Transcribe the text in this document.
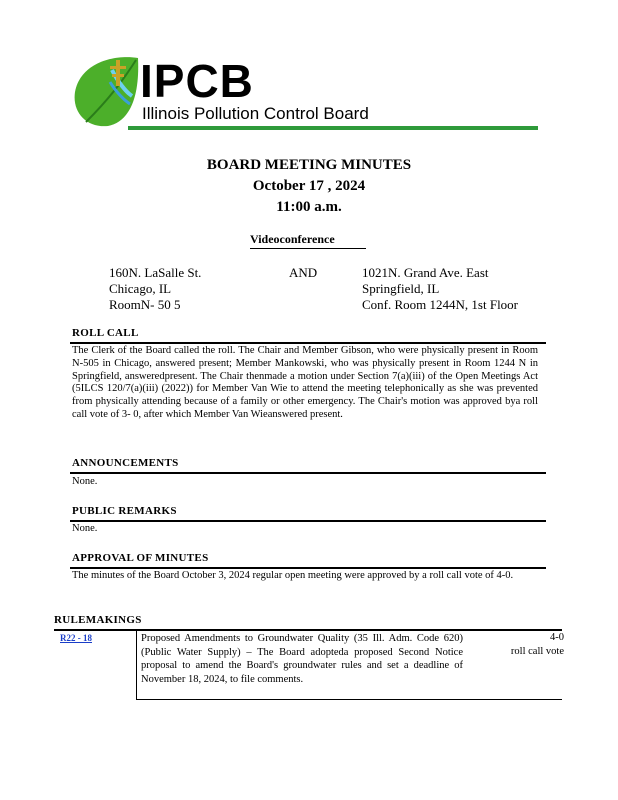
IPCB
Illinois Pollution Control Board
BOARD MEETING MINUTES
October 17 , 2024
11:00 a.m.
Videoconference
160N. LaSalle St.
Chicago, IL
RoomN- 50 5
AND	1021N. Grand Ave. East
Springfield, IL
Conf. Room 1244N, 1st Floor
ROLL CALL
The Clerk of the Board called the roll. The Chair and Member Gibson, who were physically present in Room N-505 in Chicago, answered present; Member Mankowski, who was physically present in Room 1244 N in Springfield, answeredpresent. The Chair thenmade a motion under Section 7(a)(iii) of the Open Meetings Act (5ILCS 120/7(a)(iii) (2022)) for Member Van Wie to attend the meeting telephonically as she was prevented from physically attending because of a family or other emergency. The Chair's motion was approved bya roll call vote of 3- 0, after which Member Van Wieanswered present.
ANNOUNCEMENTS
None.
PUBLIC REMARKS
None.
APPROVAL OF MINUTES
The minutes of the Board October 3, 2024 regular open meeting were approved by a roll call vote of 4-0.
RULEMAKINGS
R22 - 18	Proposed Amendments to Groundwater Quality (35 Ill. Adm. Code 620) (Public Water Supply) – The Board adopteda proposed Second Notice proposal to amend the Board's groundwater rules and set a deadline of November 18, 2024, to file comments.
4-0
roll call vote
